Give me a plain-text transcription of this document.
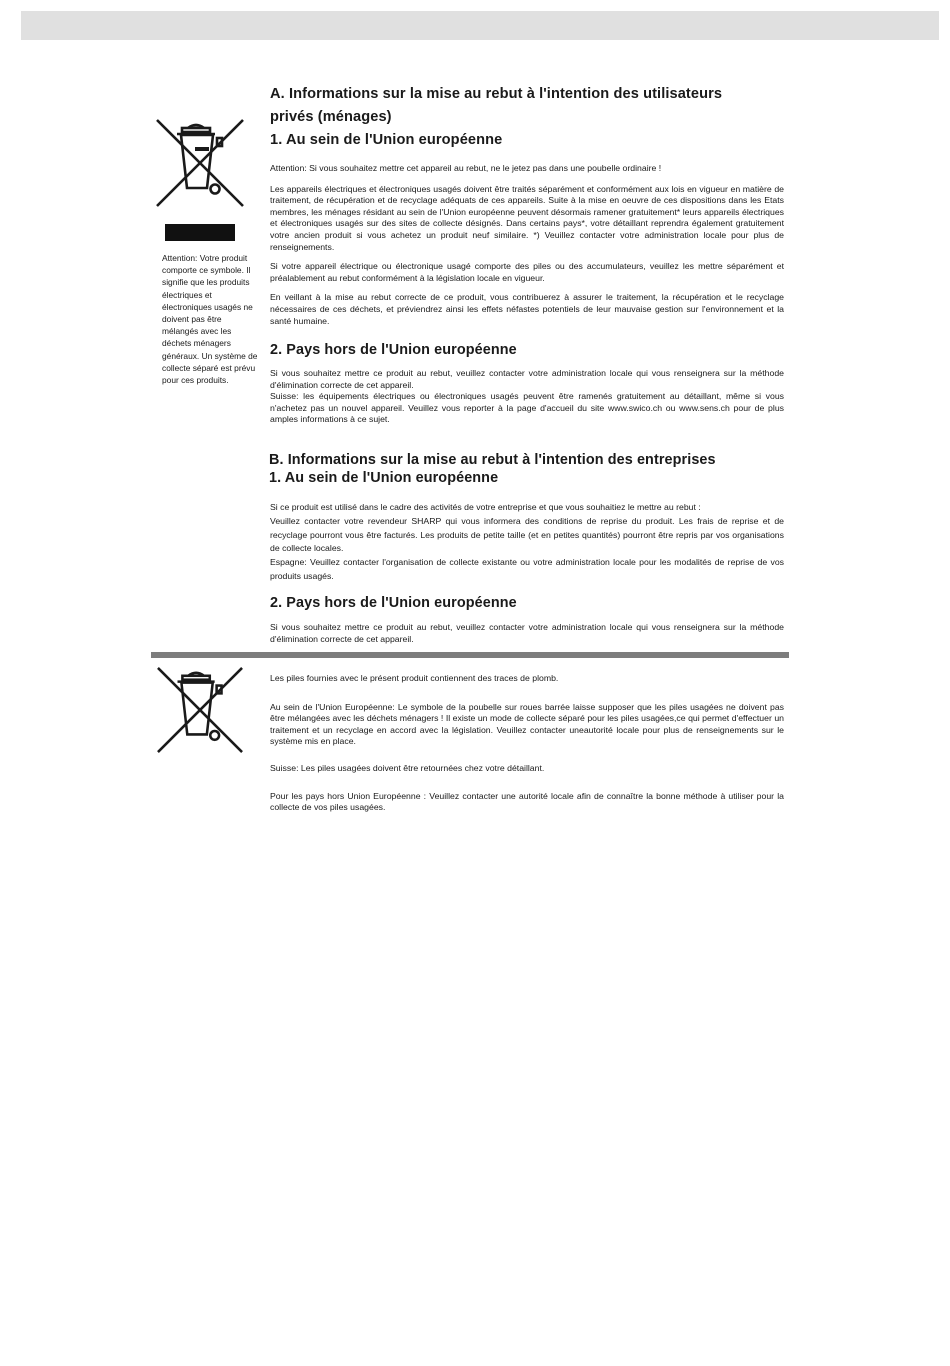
Attention: Votre produit comporte ce symbole. Il signifie que les produits électriques et électroniques usagés ne doivent pas être mélangés avec les déchets ménagers généraux. Un système de collecte séparé est prévu pour ces produits.
A. Informations sur la mise au rebut à l'intention des utilisateurs
privés (ménages)
1. Au sein de l'Union européenne

Attention: Si vous souhaitez mettre cet appareil au rebut, ne le jetez pas dans une poubelle ordinaire !

Les appareils électriques et électroniques usagés doivent être traités séparément et conformément aux lois en vigueur en matière de traitement, de récupération et de recyclage adéquats de ces appareils. Suite à la mise en oeuvre de ces dispositions dans les Etats membres, les ménages résidant au sein de l'Union européenne peuvent désormais ramener gratuitement* leurs appareils électriques et électroniques usagés sur des sites de collecte désignés. Dans certains pays*, votre détaillant reprendra également gratuitement votre ancien produit si vous achetez un produit neuf similaire. *) Veuillez contacter votre administration locale pour plus de renseignements.

Si votre appareil électrique ou électronique usagé comporte des piles ou des accumulateurs, veuillez les mettre séparément et préalablement au rebut conformément à la législation locale en vigueur.

En veillant à la mise au rebut correcte de ce produit, vous contribuerez à assurer le traitement, la récupération et le recyclage nécessaires de ces déchets, et préviendrez ainsi les effets néfastes potentiels de leur mauvaise gestion sur l'environnement et la santé humaine.

2. Pays hors de l'Union européenne

Si vous souhaitez mettre ce produit au rebut, veuillez contacter votre administration locale qui vous renseignera sur la méthode d'élimination correcte de cet appareil.

Suisse: les équipements électriques ou électroniques usagés peuvent être ramenés gratuitement au détaillant, même si vous n'achetez pas un nouvel appareil. Veuillez vous reporter à la page d'accueil du site www.swico.ch ou www.sens.ch pour de plus amples informations à ce sujet.

B. Informations sur la mise au rebut à l'intention des entreprises
1. Au sein de l'Union européenne

Si ce produit est utilisé dans le cadre des activités de votre entreprise et que vous souhaitiez le mettre au rebut :

Veuillez contacter votre revendeur SHARP qui vous informera des conditions de reprise du produit. Les frais de reprise et de recyclage pourront vous être facturés. Les produits de petite taille (et en petites quantités) pourront être repris par vos organisations de collecte locales.

Espagne: Veuillez contacter l'organisation de collecte existante ou votre administration locale pour les modalités de reprise de vos produits usagés.

2. Pays hors de l'Union européenne

Si vous souhaitez mettre ce produit au rebut, veuillez contacter votre administration locale qui vous renseignera sur la méthode d'élimination correcte de cet appareil.

Les piles fournies avec le présent produit contiennent des traces de plomb.

Au sein de l'Union Européenne: Le symbole de la poubelle sur roues barrée laisse supposer que les piles usagées ne doivent pas être mélangées avec les déchets ménagers ! Il existe un mode de collecte séparé pour les piles usagées,ce qui permet d'effectuer un traitement et un recyclage en accord avec la législation. Veuillez contacter uneautorité locale pour plus de renseignements sur le système mis en place.

Suisse: Les piles usagées doivent être retournées chez votre détaillant.

Pour les pays hors Union Européenne : Veuillez contacter une autorité locale afin de connaître la bonne méthode à utiliser pour la collecte de vos piles usagées.
